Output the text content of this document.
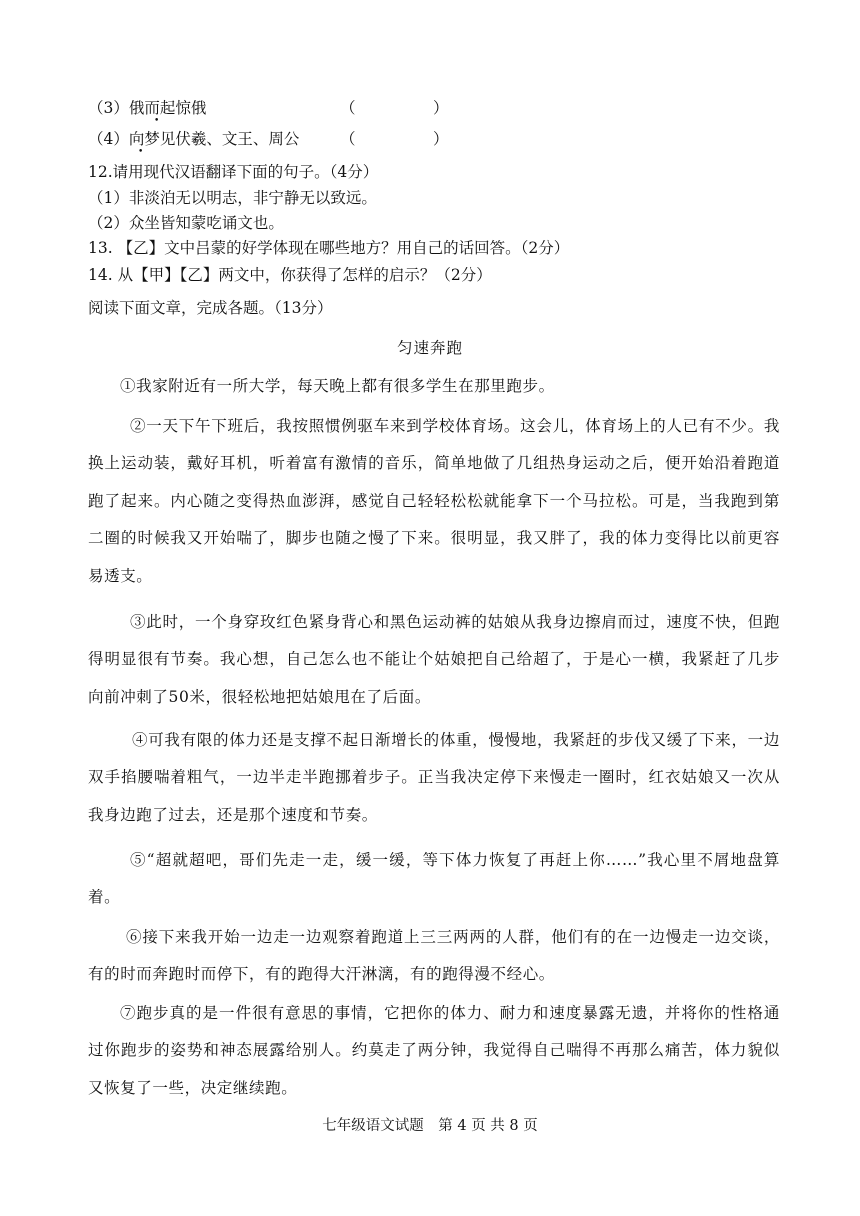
（3）俄而起惊俄
•
（　　　　　）
（4）向梦见伏羲、文王、周公
•
（　　　　　）
12.请用现代汉语翻译下面的句子。（4分）
（1）非淡泊无以明志，非宁静无以致远。
（2）众坐皆知蒙吃诵文也。
13. 【乙】文中吕蒙的好学体现在哪些地方？用自己的话回答。（2分）
14. 从【甲】【乙】两文中，你获得了怎样的启示？（2分）
阅读下面文章，完成各题。（13分）
匀速奔跑

①我家附近有一所大学，每天晚上都有很多学生在那里跑步。

②一天下午下班后，我按照惯例驱车来到学校体育场。这会儿，体育场上的人已有不少。我换上运动装，戴好耳机，听着富有激情的音乐，简单地做了几组热身运动之后，便开始沿着跑道跑了起来。内心随之变得热血澎湃，感觉自己轻轻松松就能拿下一个马拉松。可是，当我跑到第二圈的时候我又开始喘了，脚步也随之慢了下来。很明显，我又胖了，我的体力变得比以前更容易透支。

③此时，一个身穿玫红色紧身背心和黑色运动裤的姑娘从我身边擦肩而过，速度不快，但跑得明显很有节奏。我心想，自己怎么也不能让个姑娘把自己给超了，于是心一横，我紧赶了几步向前冲刺了50米，很轻松地把姑娘甩在了后面。

④可我有限的体力还是支撑不起日渐增长的体重，慢慢地，我紧赶的步伐又缓了下来，一边双手掐腰喘着粗气，一边半走半跑挪着步子。正当我决定停下来慢走一圈时，红衣姑娘又一次从我身边跑了过去，还是那个速度和节奏。

⑤“超就超吧，哥们先走一走，缓一缓，等下体力恢复了再赶上你……”我心里不屑地盘算着。

⑥接下来我开始一边走一边观察着跑道上三三两两的人群，他们有的在一边慢走一边交谈，有的时而奔跑时而停下，有的跑得大汗淋漓，有的跑得漫不经心。

⑦跑步真的是一件很有意思的事情，它把你的体力、耐力和速度暴露无遗，并将你的性格通过你跑步的姿势和神态展露给别人。约莫走了两分钟，我觉得自己喘得不再那么痛苦，体力貌似又恢复了一些，决定继续跑。

七年级语文试题　第 4 页 共 8 页
